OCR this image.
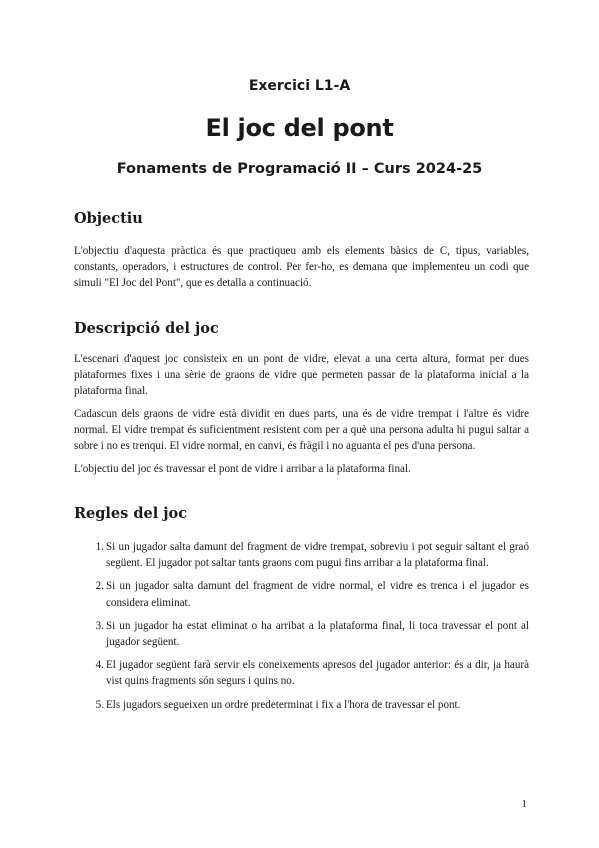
Exercici L1-A
El joc del pont
Fonaments de Programació II – Curs 2024-25
Objectiu

L'objectiu d'aquesta pràctica és que practiqueu amb els elements bàsics de C, tipus, variables, constants, operadors, i estructures de control. Per fer-ho, es demana que implementeu un codi que simuli "El Joc del Pont", que es detalla a continuació.

Descripció del joc

L'escenari d'aquest joc consisteix en un pont de vidre, elevat a una certa altura, format per dues plataformes fixes i una sèrie de graons de vidre que permeten passar de la plataforma inicial a la plataforma final.

Cadascun dels graons de vidre està dividit en dues parts, una és de vidre trempat i l'altre és vidre normal. El vidre trempat és suficientment resistent com per a què una persona adulta hi pugui saltar a sobre i no es trenqui. El vidre normal, en canvi, és fràgil i no aguanta el pes d'una persona.

L'objectiu del joc és travessar el pont de vidre i arribar a la plataforma final.

Regles del joc
1. Si un jugador salta damunt del fragment de vidre trempat, sobreviu i pot seguir saltant el graó següent. El jugador pot saltar tants graons com pugui fins arribar a la plataforma final.

2. Si un jugador salta damunt del fragment de vidre normal, el vidre es trenca i el jugador es considera eliminat.

3. Si un jugador ha estat eliminat o ha arribat a la plataforma final, li toca travessar el pont al jugador següent.

4. El jugador següent farà servir els coneixements apresos del jugador anterior: és a dir, ja haurà vist quins fragments són segurs i quins no.

5. Els jugadors segueixen un ordre predeterminat i fix a l'hora de travessar el pont.

1
